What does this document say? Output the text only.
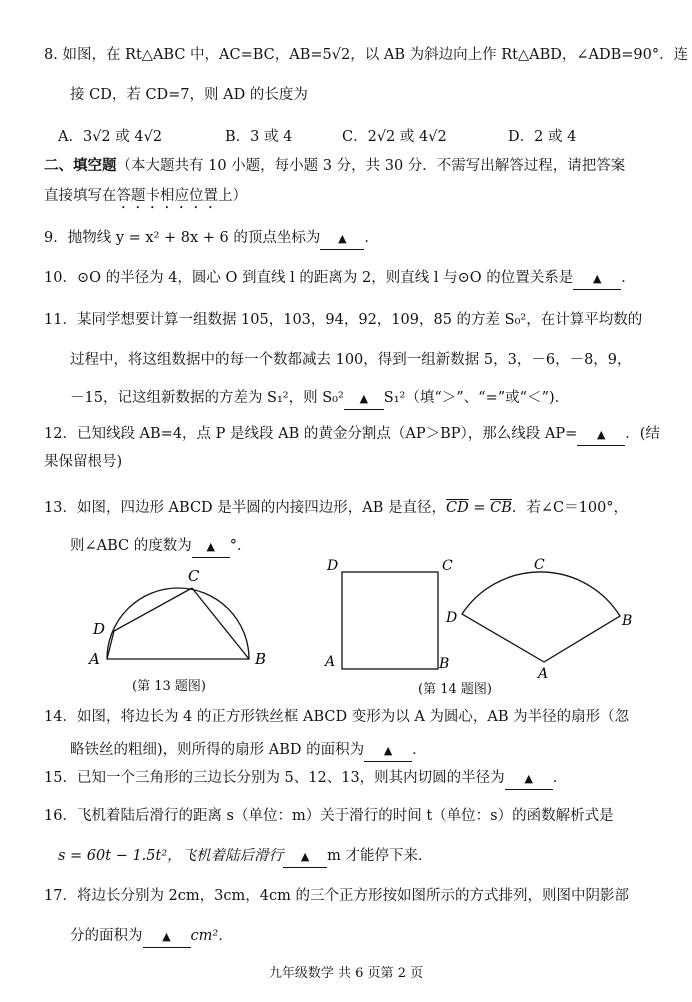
8. 如图，在 Rt△ABC 中，AC=BC，AB=5√2，以 AB 为斜边向上作 Rt△ABD，∠ADB=90°．连
接 CD，若 CD=7，则 AD 的长度为
A．3√2 或 4√2	B．3 或 4	C．2√2 或 4√2	D．2 或 4
二、填空题（本大题共有 10 小题，每小题 3 分，共 30 分．不需写出解答过程，请把答案
直接填写在答题卡相应位置上）
9．抛物线 y = x² + 8x + 6 的顶点坐标为 ▲ ．
10．⊙O 的半径为 4，圆心 O 到直线 l 的距离为 2，则直线 l 与⊙O 的位置关系是 ▲ ．
11．某同学想要计算一组数据 105，103，94，92，109，85 的方差 S₀²，在计算平均数的
过程中，将这组数据中的每一个数都减去 100，得到一组新数据 5，3，－6，－8，9，
－15，记这组新数据的方差为 S₁²，则 S₀² ▲ S₁²（填“＞”、“=”或“＜”)．
12．已知线段 AB=4，点 P 是线段 AB 的黄金分割点（AP＞BP），那么线段 AP= ▲ ．(结
果保留根号)
13．如图，四边形 ABCD 是半圆的内接四边形，AB 是直径，$\overline{CD} = \overline{CB}$．若∠C＝100°，
则∠ABC 的度数为 ▲ °．
C
D
A	B
(第 13 题图)
D	C
A	B
C
D	B
A
(第 14 题图)
14．如图，将边长为 4 的正方形铁丝框 ABCD 变形为以 A 为圆心，AB 为半径的扇形（忽
略铁丝的粗细)，则所得的扇形 ABD 的面积为 ▲ ．
15．已知一个三角形的三边长分别为 5、12、13，则其内切圆的半径为 ▲ ．
16．飞机着陆后滑行的距离 s（单位：m）关于滑行的时间 t（单位：s）的函数解析式是
s = 60t − 1.5t²，飞机着陆后滑行 ▲ m 才能停下来．
17．将边长分别为 2cm，3cm，4cm 的三个正方形按如图所示的方式排列，则图中阴影部
分的面积为 ▲ cm²．
九年级数学 共 6 页第 2 页
